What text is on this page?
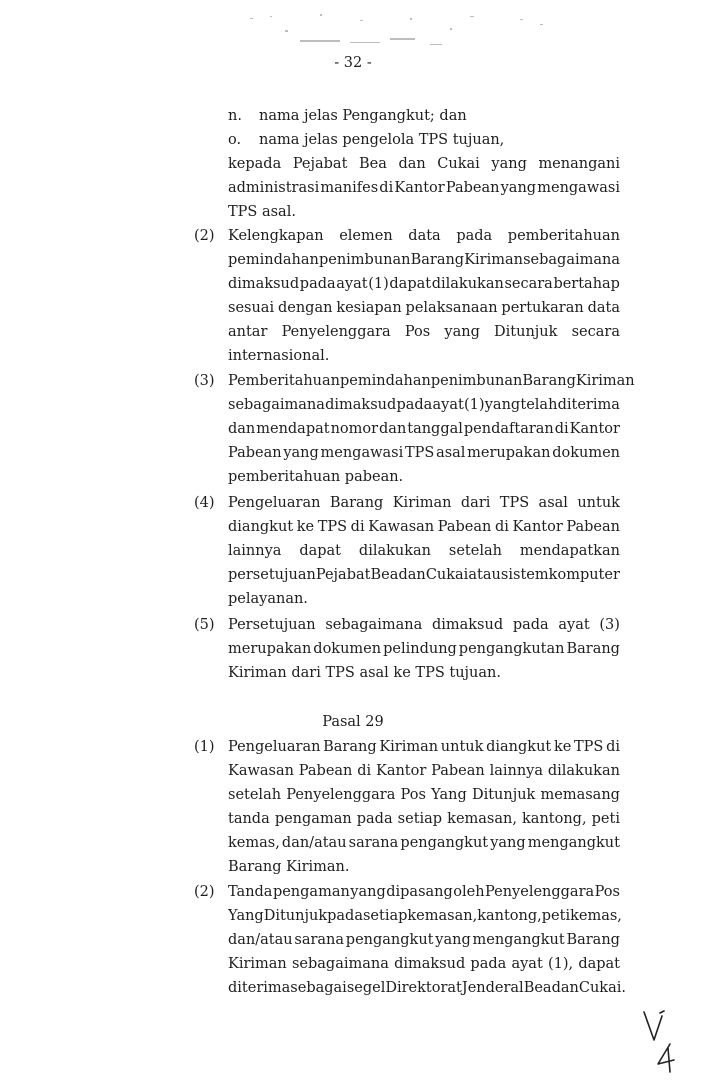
- 32 -
n. nama jelas Pengangkut; dan
o. nama jelas pengelola TPS tujuan,
kepada Pejabat Bea dan Cukai yang menangani
administrasi manifes di Kantor Pabean yang mengawasi
TPS asal.
(2) Kelengkapan elemen data pada pemberitahuan
pemindahan penimbunan Barang Kiriman sebagaimana
dimaksud pada ayat (1) dapat dilakukan secara bertahap
sesuai dengan kesiapan pelaksanaan pertukaran data
antar Penyelenggara Pos yang Ditunjuk secara
internasional.
(3) Pemberitahuan pemindahan penimbunan Barang Kiriman
sebagaimana dimaksud pada ayat (1) yang telah diterima
dan mendapat nomor dan tanggal pendaftaran di Kantor
Pabean yang mengawasi TPS asal merupakan dokumen
pemberitahuan pabean.
(4) Pengeluaran Barang Kiriman dari TPS asal untuk
diangkut ke TPS di Kawasan Pabean di Kantor Pabean
lainnya dapat dilakukan setelah mendapatkan
persetujuan Pejabat Bea dan Cukai atau sistem komputer
pelayanan.
(5) Persetujuan sebagaimana dimaksud pada ayat (3)
merupakan dokumen pelindung pengangkutan Barang
Kiriman dari TPS asal ke TPS tujuan.
Pasal 29
(1) Pengeluaran Barang Kiriman untuk diangkut ke TPS di
Kawasan Pabean di Kantor Pabean lainnya dilakukan
setelah Penyelenggara Pos Yang Ditunjuk memasang
tanda pengaman pada setiap kemasan, kantong, peti
kemas, dan/atau sarana pengangkut yang mengangkut
Barang Kiriman.
(2) Tanda pengaman yang dipasang oleh Penyelenggara Pos
Yang Ditunjuk pada setiap kemasan, kantong, peti kemas,
dan/atau sarana pengangkut yang mengangkut Barang
Kiriman sebagaimana dimaksud pada ayat (1), dapat
diterima sebagai segel Direktorat Jenderal Bea dan Cukai.
